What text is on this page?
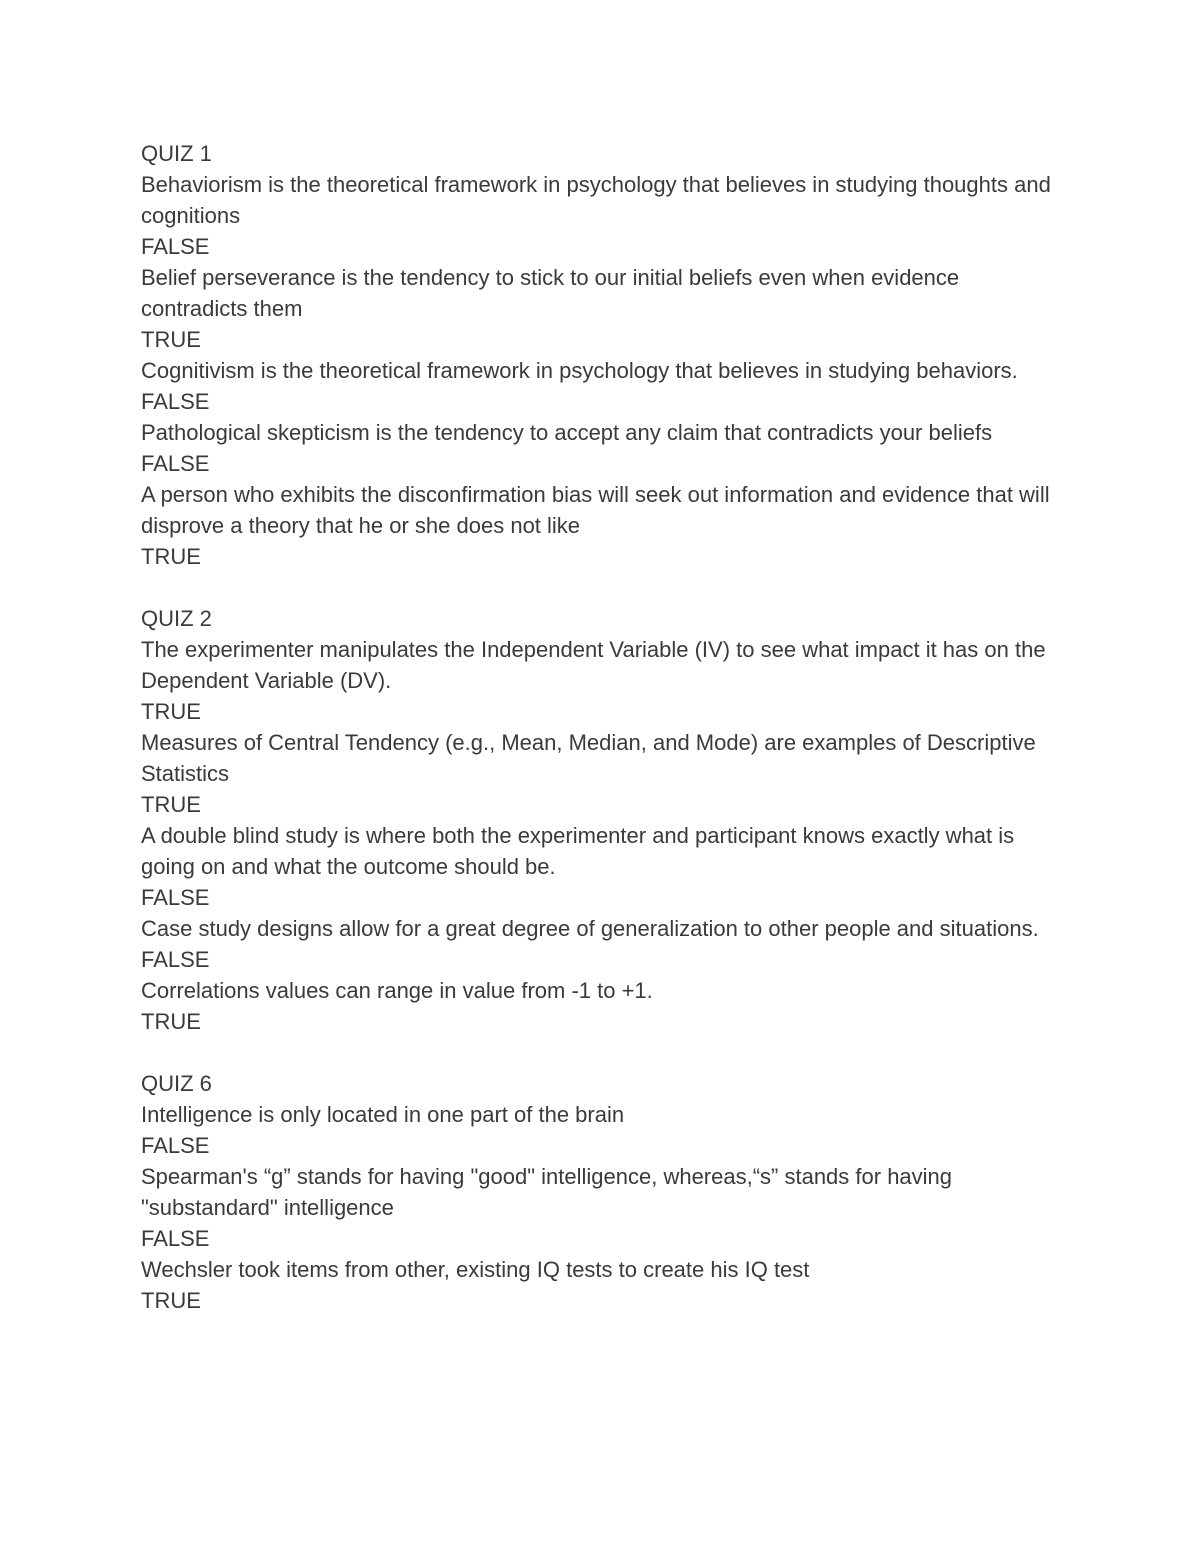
QUIZ 1
Behaviorism is the theoretical framework in psychology that believes in studying thoughts and cognitions
FALSE
Belief perseverance is the tendency to stick to our initial beliefs even when evidence contradicts them
TRUE
Cognitivism is the theoretical framework in psychology that believes in studying behaviors.
FALSE
Pathological skepticism is the tendency to accept any claim that contradicts your beliefs
FALSE
A person who exhibits the disconfirmation bias will seek out information and evidence that will disprove a theory that he or she does not like
TRUE
QUIZ 2
The experimenter manipulates the Independent Variable (IV) to see what impact it has on the Dependent Variable (DV).
TRUE
Measures of Central Tendency (e.g., Mean, Median, and Mode) are examples of Descriptive Statistics
TRUE
A double blind study is where both the experimenter and participant knows exactly what is going on and what the outcome should be.
FALSE
Case study designs allow for a great degree of generalization to other people and situations.
FALSE
Correlations values can range in value from -1 to +1.
TRUE
QUIZ 6
Intelligence is only located in one part of the brain
FALSE
Spearman's “g” stands for having "good" intelligence, whereas,“s” stands for having "substandard" intelligence
FALSE
Wechsler took items from other, existing IQ tests to create his IQ test
TRUE
